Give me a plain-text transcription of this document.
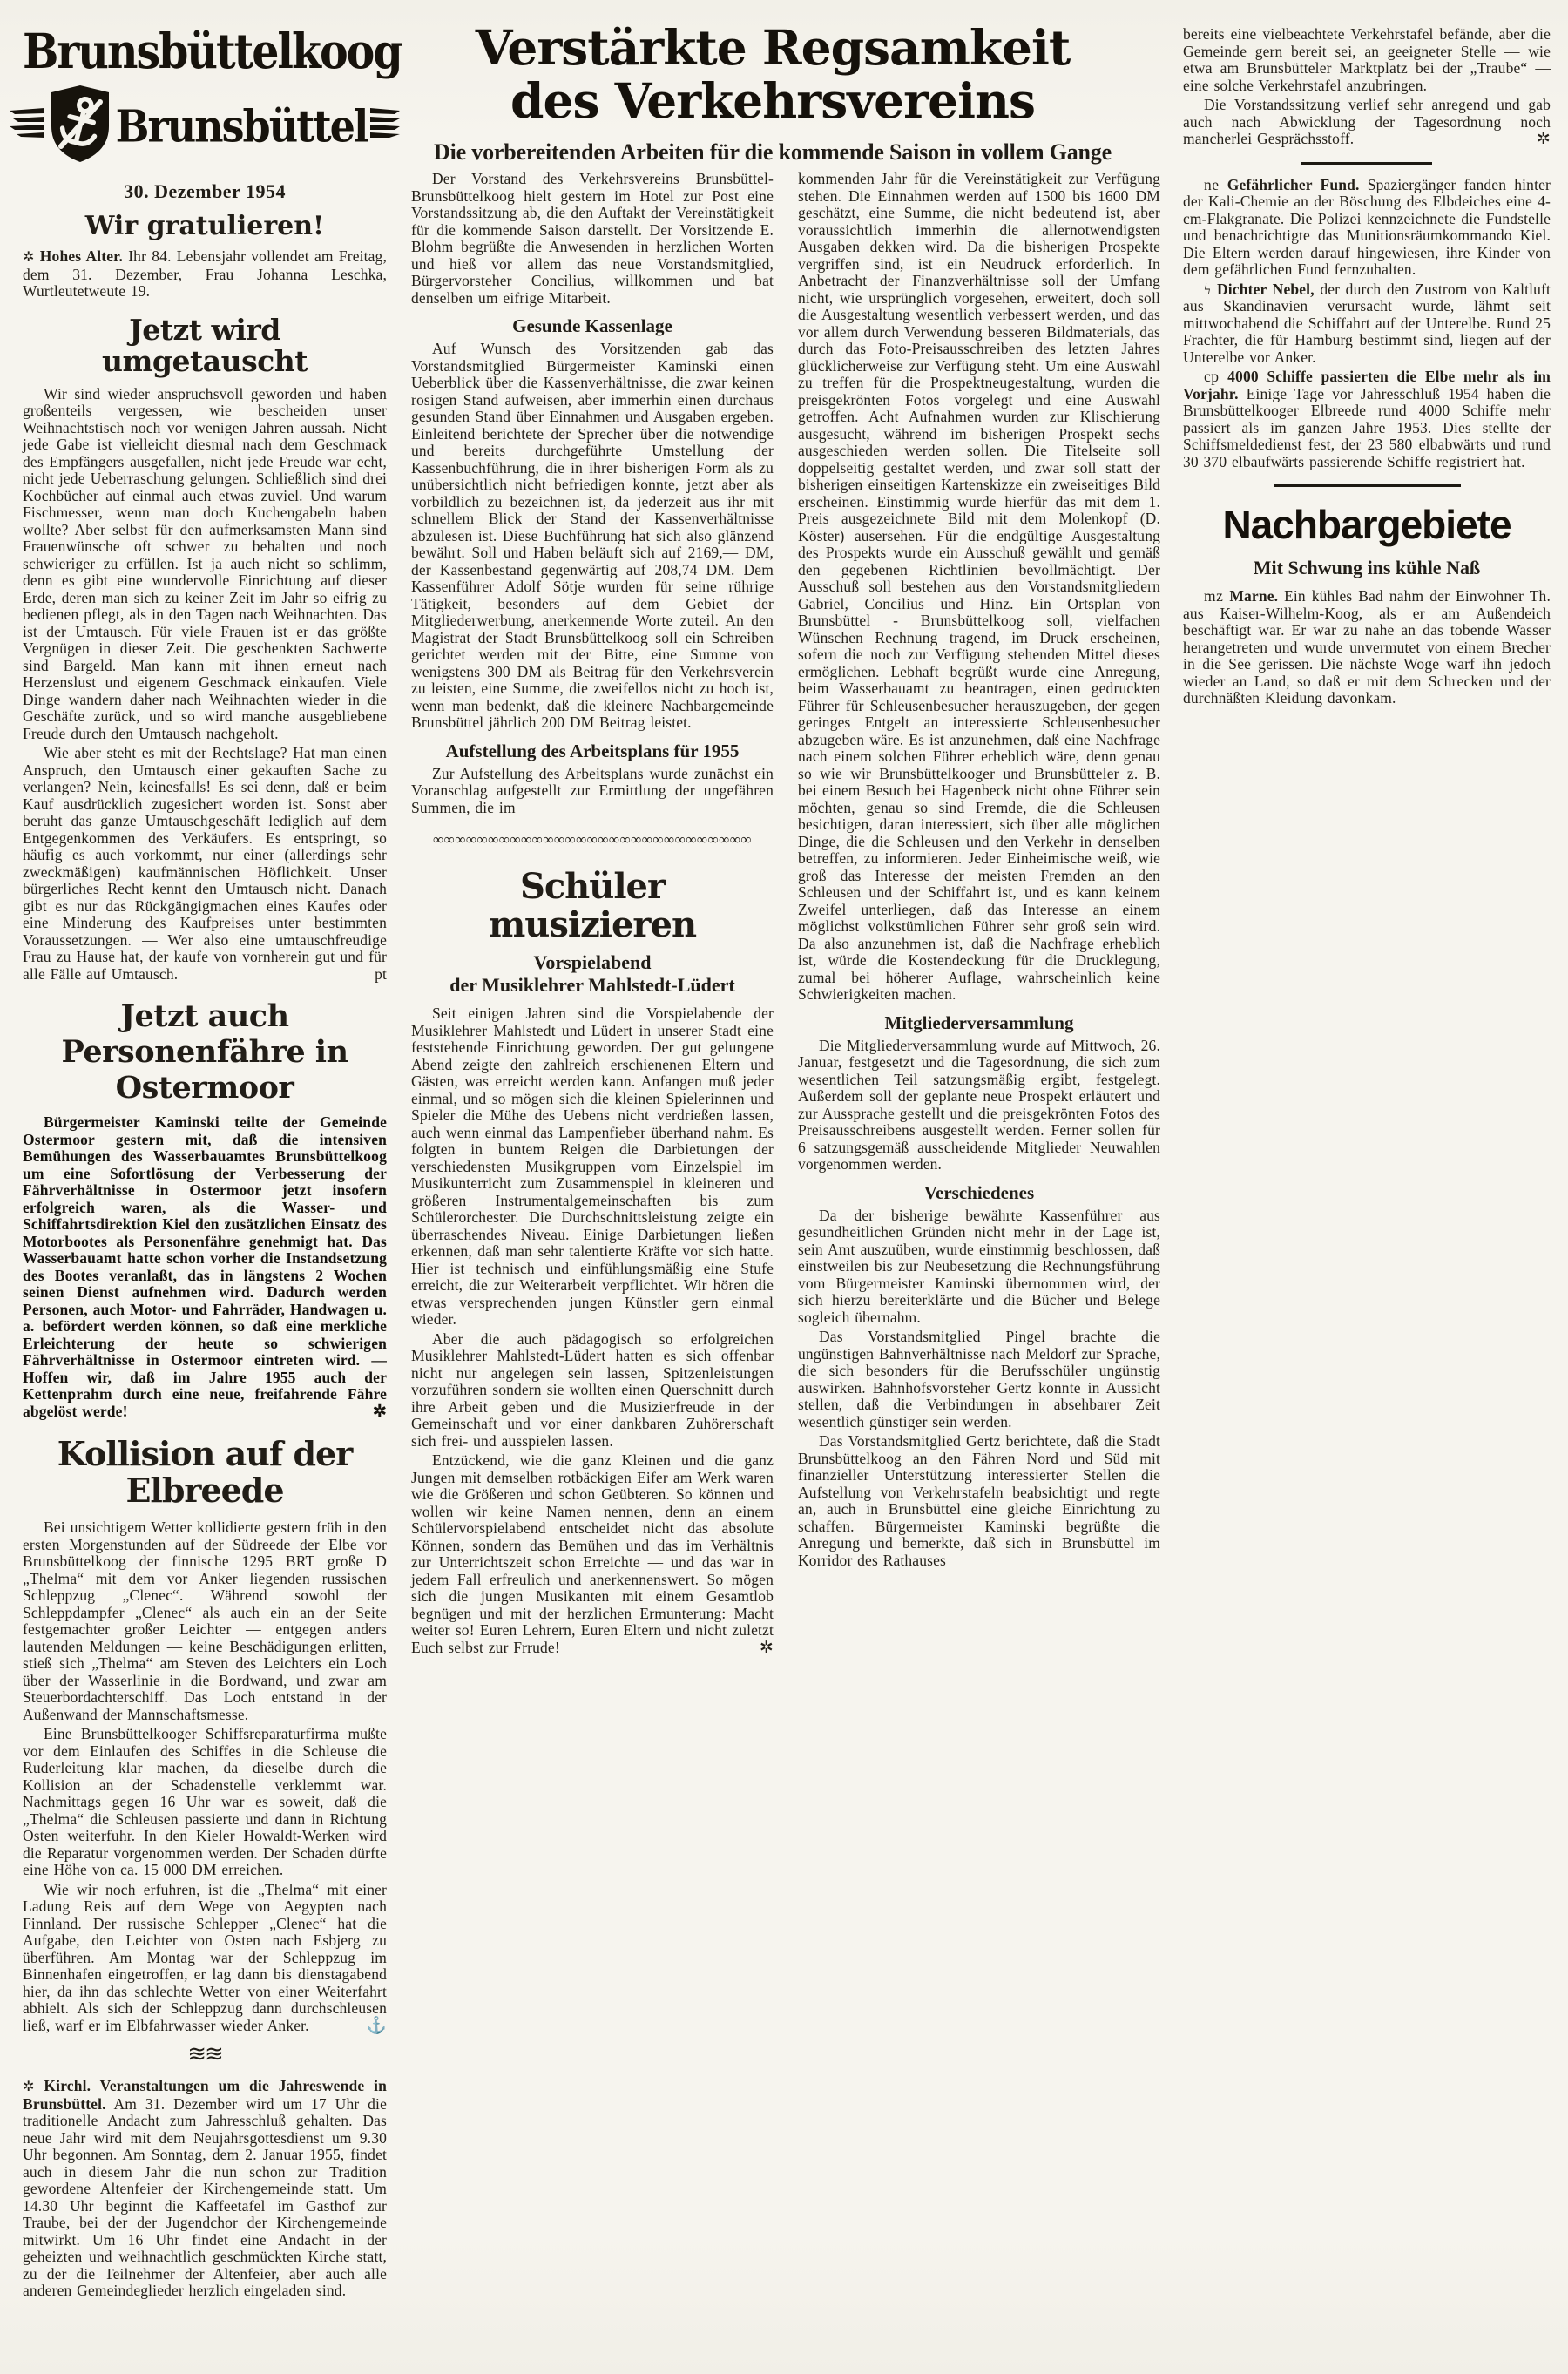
Brunsbüttelkoog
Brunsbüttel
30. Dezember 1954
Wir gratulieren!

✲ Hohes Alter. Ihr 84. Lebensjahr vollendet am Freitag, dem 31. Dezember, Frau Johanna Leschka, Wurtleutetweute 19.

Jetzt wird umgetauscht

Wir sind wieder anspruchsvoll geworden und haben großenteils vergessen, wie bescheiden unser Weihnachtstisch noch vor wenigen Jahren aussah. Nicht jede Gabe ist vielleicht diesmal nach dem Geschmack des Empfängers ausgefallen, nicht jede Freude war echt, nicht jede Ueberraschung gelungen. Schließlich sind drei Kochbücher auf einmal auch etwas zuviel. Und warum Fischmesser, wenn man doch Kuchengabeln haben wollte? Aber selbst für den aufmerksamsten Mann sind Frauenwünsche oft schwer zu behalten und noch schwieriger zu erfüllen. Ist ja auch nicht so schlimm, denn es gibt eine wundervolle Einrichtung auf dieser Erde, deren man sich zu keiner Zeit im Jahr so eifrig zu bedienen pflegt, als in den Tagen nach Weihnachten. Das ist der Umtausch. Für viele Frauen ist er das größte Vergnügen in dieser Zeit. Die geschenkten Sachwerte sind Bargeld. Man kann mit ihnen erneut nach Herzenslust und eigenem Geschmack einkaufen. Viele Dinge wandern daher nach Weihnachten wieder in die Geschäfte zurück, und so wird manche ausgebliebene Freude durch den Umtausch nachgeholt.

Wie aber steht es mit der Rechtslage? Hat man einen Anspruch, den Umtausch einer gekauften Sache zu verlangen? Nein, keinesfalls! Es sei denn, daß er beim Kauf ausdrücklich zugesichert worden ist. Sonst aber beruht das ganze Umtauschgeschäft lediglich auf dem Entgegenkommen des Verkäufers. Es entspringt, so häufig es auch vorkommt, nur einer (allerdings sehr zweckmäßigen) kaufmännischen Höflichkeit. Unser bürgerliches Recht kennt den Umtausch nicht. Danach gibt es nur das Rückgängigmachen eines Kaufes oder eine Minderung des Kaufpreises unter bestimmten Voraussetzungen. — Wer also eine umtauschfreudige Frau zu Hause hat, der kaufe von vornherein gut und für alle Fälle auf Umtausch.	pt

Jetzt auch
Personenfähre in Ostermoor

Bürgermeister Kaminski teilte der Gemeinde Ostermoor gestern mit, daß die intensiven Bemühungen des Wasserbauamtes Brunsbüttelkoog um eine Sofortlösung der Verbesserung der Fährverhältnisse in Ostermoor jetzt insofern erfolgreich waren, als die Wasser- und Schiffahrtsdirektion Kiel den zusätzlichen Einsatz des Motorbootes als Personenfähre genehmigt hat. Das Wasserbauamt hatte schon vorher die Instandsetzung des Bootes veranlaßt, das in längstens 2 Wochen seinen Dienst aufnehmen wird. Dadurch werden Personen, auch Motor- und Fahrräder, Handwagen u. a. befördert werden können, so daß eine merkliche Erleichterung der heute so schwierigen Fährverhältnisse in Ostermoor eintreten wird. — Hoffen wir, daß im Jahre 1955 auch der Kettenprahm durch eine neue, freifahrende Fähre abgelöst werde!	✲

Kollision auf der Elbreede

Bei unsichtigem Wetter kollidierte gestern früh in den ersten Morgenstunden auf der Südreede der Elbe vor Brunsbüttelkoog der finnische 1295 BRT große D „Thelma“ mit dem vor Anker liegenden russischen Schleppzug „Clenec“. Während sowohl der Schleppdampfer „Clenec“ als auch ein an der Seite festgemachter großer Leichter — entgegen anders lautenden Meldungen — keine Beschädigungen erlitten, stieß sich „Thelma“ am Steven des Leichters ein Loch über der Wasserlinie in die Bordwand, und zwar am Steuerbordachterschiff. Das Loch entstand in der Außenwand der Mannschaftsmesse.

Eine Brunsbüttelkooger Schiffsreparaturfirma mußte vor dem Einlaufen des Schiffes in die Schleuse die Ruderleitung klar machen, da dieselbe durch die Kollision an der Schadenstelle verklemmt war. Nachmittags gegen 16 Uhr war es soweit, daß die „Thelma“ die Schleusen passierte und dann in Richtung Osten weiterfuhr. In den Kieler Howaldt-Werken wird die Reparatur vorgenommen werden. Der Schaden dürfte eine Höhe von ca. 15 000 DM erreichen.

Wie wir noch erfuhren, ist die „Thelma“ mit einer Ladung Reis auf dem Wege von Aegypten nach Finnland. Der russische Schlepper „Clenec“ hat die Aufgabe, den Leichter von Osten nach Esbjerg zu überführen. Am Montag war der Schleppzug im Binnenhafen eingetroffen, er lag dann bis dienstagabend hier, da ihn das schlechte Wetter von einer Weiterfahrt abhielt. Als sich der Schleppzug dann durchschleusen ließ, warf er im Elbfahrwasser wieder Anker.	⚓

≋≋

✲ Kirchl. Veranstaltungen um die Jahreswende in Brunsbüttel. Am 31. Dezember wird um 17 Uhr die traditionelle Andacht zum Jahresschluß gehalten. Das neue Jahr wird mit dem Neujahrsgottesdienst um 9.30 Uhr begonnen. Am Sonntag, dem 2. Januar 1955, findet auch in diesem Jahr die nun schon zur Tradition gewordene Altenfeier der Kirchengemeinde statt. Um 14.30 Uhr beginnt die Kaffeetafel im Gasthof zur Traube, bei der der Jugendchor der Kirchengemeinde mitwirkt. Um 16 Uhr findet eine Andacht in der geheizten und weihnachtlich geschmückten Kirche statt, zu der die Teilnehmer der Altenfeier, aber auch alle anderen Gemeindeglieder herzlich eingeladen sind.

Verstärkte Regsamkeit
des Verkehrsvereins
Die vorbereitenden Arbeiten für die kommende Saison in vollem Gange

Der Vorstand des Verkehrsvereins Brunsbüttel-Brunsbüttelkoog hielt gestern im Hotel zur Post eine Vorstandssitzung ab, die den Auftakt der Vereinstätigkeit für die kommende Saison darstellt. Der Vorsitzende E. Blohm begrüßte die Anwesenden in herzlichen Worten und hieß vor allem das neue Vorstandsmitglied, Bürgervorsteher Concilius, willkommen und bat denselben um eifrige Mitarbeit.

Gesunde Kassenlage

Auf Wunsch des Vorsitzenden gab das Vorstandsmitglied Bürgermeister Kaminski einen Ueberblick über die Kassenverhältnisse, die zwar keinen rosigen Stand aufweisen, aber immerhin einen durchaus gesunden Stand über Einnahmen und Ausgaben ergeben. Einleitend berichtete der Sprecher über die notwendige und bereits durchgeführte Umstellung der Kassenbuchführung, die in ihrer bisherigen Form als zu unübersichtlich nicht befriedigen konnte, jetzt aber als vorbildlich zu bezeichnen ist, da jederzeit aus ihr mit schnellem Blick der Stand der Kassenverhältnisse abzulesen ist. Diese Buchführung hat sich also glänzend bewährt. Soll und Haben beläuft sich auf 2169,— DM, der Kassenbestand gegenwärtig auf 208,74 DM. Dem Kassenführer Adolf Sötje wurden für seine rührige Tätigkeit, besonders auf dem Gebiet der Mitgliederwerbung, anerkennende Worte zuteil. An den Magistrat der Stadt Brunsbüttelkoog soll ein Schreiben gerichtet werden mit der Bitte, eine Summe von wenigstens 300 DM als Beitrag für den Verkehrsverein zu leisten, eine Summe, die zweifellos nicht zu hoch ist, wenn man bedenkt, daß die kleinere Nachbargemeinde Brunsbüttel jährlich 200 DM Beitrag leistet.

Aufstellung des Arbeitsplans für 1955

Zur Aufstellung des Arbeitsplans wurde zunächst ein Voranschlag aufgestellt zur Ermittlung der ungefähren Summen, die im

∞∞∞∞∞∞∞∞∞∞∞∞∞∞∞∞∞∞∞∞∞∞∞∞∞∞∞∞∞
Schüler musizieren
Vorspielabend
der Musiklehrer Mahlstedt-Lüdert

Seit einigen Jahren sind die Vorspielabende der Musiklehrer Mahlstedt und Lüdert in unserer Stadt eine feststehende Einrichtung geworden. Der gut gelungene Abend zeigte den zahlreich erschienenen Eltern und Gästen, was erreicht werden kann. Anfangen muß jeder einmal, und so mögen sich die kleinen Spielerinnen und Spieler die Mühe des Uebens nicht verdrießen lassen, auch wenn einmal das Lampenfieber überhand nahm. Es folgten in buntem Reigen die Darbietungen der verschiedensten Musikgruppen vom Einzelspiel im Musikunterricht zum Zusammenspiel in kleineren und größeren Instrumentalgemeinschaften bis zum Schülerorchester. Die Durchschnittsleistung zeigte ein überraschendes Niveau. Einige Darbietungen ließen erkennen, daß man sehr talentierte Kräfte vor sich hatte. Hier ist technisch und einfühlungsmäßig eine Stufe erreicht, die zur Weiterarbeit verpflichtet. Wir hören die etwas versprechenden jungen Künstler gern einmal wieder.

Aber die auch pädagogisch so erfolgreichen Musiklehrer Mahlstedt-Lüdert hatten es sich offenbar nicht nur angelegen sein lassen, Spitzenleistungen vorzuführen sondern sie wollten einen Querschnitt durch ihre Arbeit geben und die Musizierfreude in der Gemeinschaft und vor einer dankbaren Zuhörerschaft sich frei- und ausspielen lassen.

Entzückend, wie die ganz Kleinen und die ganz Jungen mit demselben rotbäckigen Eifer am Werk waren wie die Größeren und schon Geübteren. So können und wollen wir keine Namen nennen, denn an einem Schülervorspielabend entscheidet nicht das absolute Können, sondern das Bemühen und das im Verhältnis zur Unterrichtszeit schon Erreichte — und das war in jedem Fall erfreulich und anerkennenswert. So mögen sich die jungen Musikanten mit einem Gesamtlob begnügen und mit der herzlichen Ermunterung: Macht weiter so! Euren Lehrern, Euren Eltern und nicht zuletzt Euch selbst zur Frrude!	✲

kommenden Jahr für die Vereinstätigkeit zur Verfügung stehen. Die Einnahmen werden auf 1500 bis 1600 DM geschätzt, eine Summe, die nicht bedeutend ist, aber voraussichtlich immerhin die allernotwendigsten Ausgaben dekken wird. Da die bisherigen Prospekte vergriffen sind, ist ein Neudruck erforderlich. In Anbetracht der Finanzverhältnisse soll der Umfang nicht, wie ursprünglich vorgesehen, erweitert, doch soll die Ausgestaltung wesentlich verbessert werden, und das vor allem durch Verwendung besseren Bildmaterials, das durch das Foto-Preisausschreiben des letzten Jahres glücklicherweise zur Verfügung steht. Um eine Auswahl zu treffen für die Prospektneugestaltung, wurden die preisgekrönten Fotos vorgelegt und eine Auswahl getroffen. Acht Aufnahmen wurden zur Klischierung ausgesucht, während im bisherigen Prospekt sechs ausgeschieden werden sollen. Die Titelseite soll doppelseitig gestaltet werden, und zwar soll statt der bisherigen einseitigen Kartenskizze ein zweiseitiges Bild erscheinen. Einstimmig wurde hierfür das mit dem 1. Preis ausgezeichnete Bild mit dem Molenkopf (D. Köster) ausersehen. Für die endgültige Ausgestaltung des Prospekts wurde ein Ausschuß gewählt und gemäß den gegebenen Richtlinien bevollmächtigt. Der Ausschuß soll bestehen aus den Vorstandsmitgliedern Gabriel, Concilius und Hinz. Ein Ortsplan von Brunsbüttel - Brunsbüttelkoog soll, vielfachen Wünschen Rechnung tragend, im Druck erscheinen, sofern die noch zur Verfügung stehenden Mittel dieses ermöglichen. Lebhaft begrüßt wurde eine Anregung, beim Wasserbauamt zu beantragen, einen gedruckten Führer für Schleusenbesucher herauszugeben, der gegen geringes Entgelt an interessierte Schleusenbesucher abzugeben wäre. Es ist anzunehmen, daß eine Nachfrage nach einem solchen Führer erheblich wäre, denn genau so wie wir Brunsbüttelkooger und Brunsbütteler z. B. bei einem Besuch bei Hagenbeck nicht ohne Führer sein möchten, genau so sind Fremde, die die Schleusen besichtigen, daran interessiert, sich über alle möglichen Dinge, die die Schleusen und den Verkehr in denselben betreffen, zu informieren. Jeder Einheimische weiß, wie groß das Interesse der meisten Fremden an den Schleusen und der Schiffahrt ist, und es kann keinem Zweifel unterliegen, daß das Interesse an einem möglichst volkstümlichen Führer sehr groß sein wird. Da also anzunehmen ist, daß die Nachfrage erheblich ist, würde die Kostendeckung für die Drucklegung, zumal bei höherer Auflage, wahrscheinlich keine Schwierigkeiten machen.

Mitgliederversammlung

Die Mitgliederversammlung wurde auf Mittwoch, 26. Januar, festgesetzt und die Tagesordnung, die sich zum wesentlichen Teil satzungsmäßig ergibt, festgelegt. Außerdem soll der geplante neue Prospekt erläutert und zur Aussprache gestellt und die preisgekrönten Fotos des Preisausschreibens ausgestellt werden. Ferner sollen für 6 satzungsgemäß ausscheidende Mitglieder Neuwahlen vorgenommen werden.

Verschiedenes

Da der bisherige bewährte Kassenführer aus gesundheitlichen Gründen nicht mehr in der Lage ist, sein Amt auszuüben, wurde einstimmig beschlossen, daß einstweilen bis zur Neubesetzung die Rechnungsführung vom Bürgermeister Kaminski übernommen wird, der sich hierzu bereiterklärte und die Bücher und Belege sogleich übernahm.

Das Vorstandsmitglied Pingel brachte die ungünstigen Bahnverhältnisse nach Meldorf zur Sprache, die sich besonders für die Berufsschüler ungünstig auswirken. Bahnhofsvorsteher Gertz konnte in Aussicht stellen, daß die Verbindungen in absehbarer Zeit wesentlich günstiger sein werden.

Das Vorstandsmitglied Gertz berichtete, daß die Stadt Brunsbüttelkoog an den Fähren Nord und Süd mit finanzieller Unterstützung interessierter Stellen die Aufstellung von Verkehrstafeln beabsichtigt und regte an, auch in Brunsbüttel eine gleiche Einrichtung zu schaffen. Bürgermeister Kaminski begrüßte die Anregung und bemerkte, daß sich in Brunsbüttel im Korridor des Rathauses

bereits eine vielbeachtete Verkehrstafel befände, aber die Gemeinde gern bereit sei, an geeigneter Stelle — wie etwa am Brunsbütteler Marktplatz bei der „Traube“ — eine solche Verkehrstafel anzubringen.

Die Vorstandssitzung verlief sehr anregend und gab auch nach Abwicklung der Tagesordnung noch mancherlei Gesprächsstoff.	✲

ne Gefährlicher Fund. Spaziergänger fanden hinter der Kali-Chemie an der Böschung des Elbdeiches eine 4-cm-Flakgranate. Die Polizei kennzeichnete die Fundstelle und benachrichtigte das Munitionsräumkommando Kiel. Die Eltern werden darauf hingewiesen, ihre Kinder von dem gefährlichen Fund fernzuhalten.

ϟ Dichter Nebel, der durch den Zustrom von Kaltluft aus Skandinavien verursacht wurde, lähmt seit mittwochabend die Schiffahrt auf der Unterelbe. Rund 25 Frachter, die für Hamburg bestimmt sind, liegen auf der Unterelbe vor Anker.

cp 4000 Schiffe passierten die Elbe mehr als im Vorjahr. Einige Tage vor Jahresschluß 1954 haben die Brunsbüttelkooger Elbreede rund 4000 Schiffe mehr passiert als im ganzen Jahre 1953. Dies stellte der Schiffsmeldedienst fest, der 23 580 elbabwärts und rund 30 370 elbaufwärts passierende Schiffe registriert hat.

Nachbargebiete
Mit Schwung ins kühle Naß

mz Marne. Ein kühles Bad nahm der Einwohner Th. aus Kaiser-Wilhelm-Koog, als er am Außendeich beschäftigt war. Er war zu nahe an das tobende Wasser herangetreten und wurde unvermutet von einem Brecher in die See gerissen. Die nächste Woge warf ihn jedoch wieder an Land, so daß er mit dem Schrecken und der durchnäßten Kleidung davonkam.
